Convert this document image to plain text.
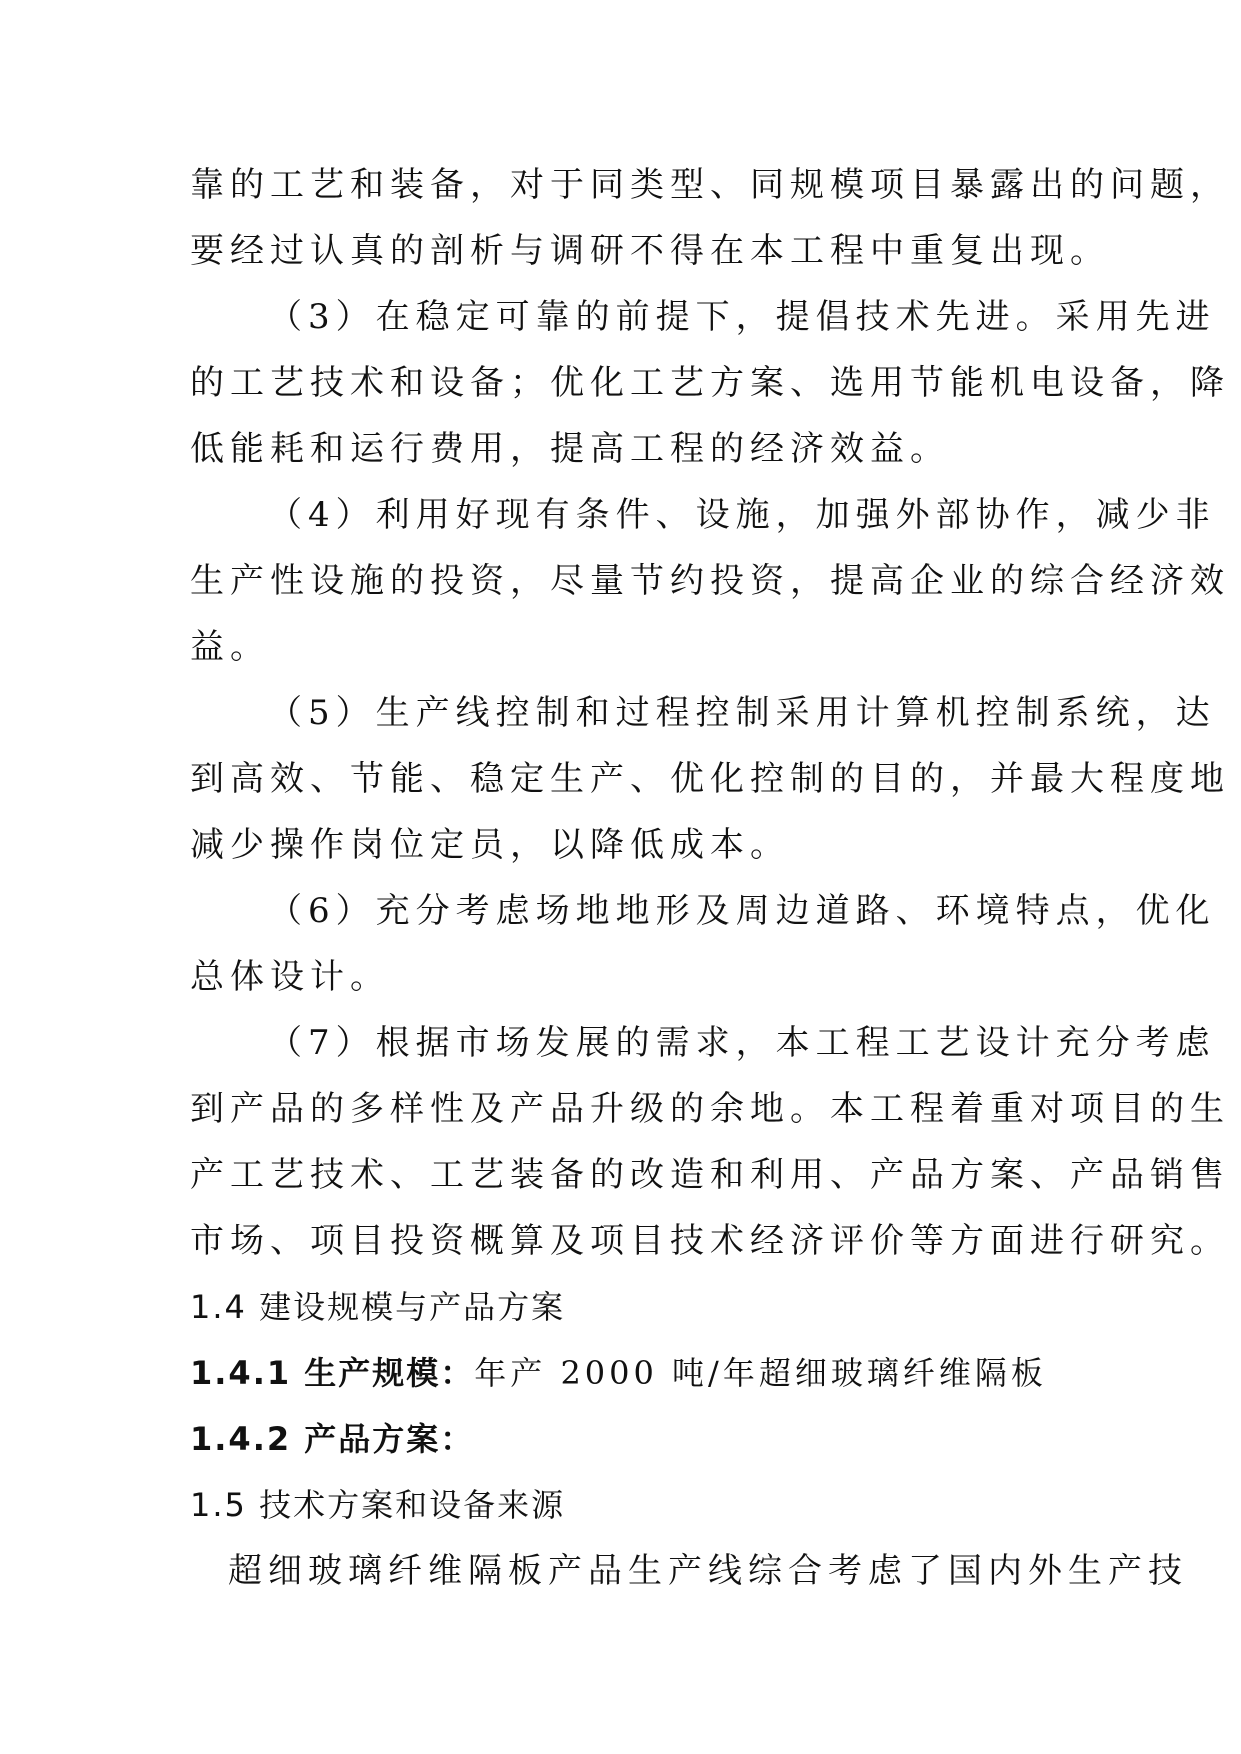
靠的工艺和装备，对于同类型、同规模项目暴露出的问题，
要经过认真的剖析与调研不得在本工程中重复出现。
（3）在稳定可靠的前提下，提倡技术先进。采用先进
的工艺技术和设备；优化工艺方案、选用节能机电设备，降
低能耗和运行费用，提高工程的经济效益。
（4）利用好现有条件、设施，加强外部协作，减少非
生产性设施的投资，尽量节约投资，提高企业的综合经济效
益。
（5）生产线控制和过程控制采用计算机控制系统，达
到高效、节能、稳定生产、优化控制的目的，并最大程度地
减少操作岗位定员，以降低成本。
（6）充分考虑场地地形及周边道路、环境特点，优化
总体设计。
（7）根据市场发展的需求，本工程工艺设计充分考虑
到产品的多样性及产品升级的余地。本工程着重对项目的生
产工艺技术、工艺装备的改造和利用、产品方案、产品销售
市场、项目投资概算及项目技术经济评价等方面进行研究。
1.4 建设规模与产品方案
1.4.1 生产规模：年产 2000 吨/年超细玻璃纤维隔板
1.4.2 产品方案：
1.5 技术方案和设备来源
超细玻璃纤维隔板产品生产线综合考虑了国内外生产技
